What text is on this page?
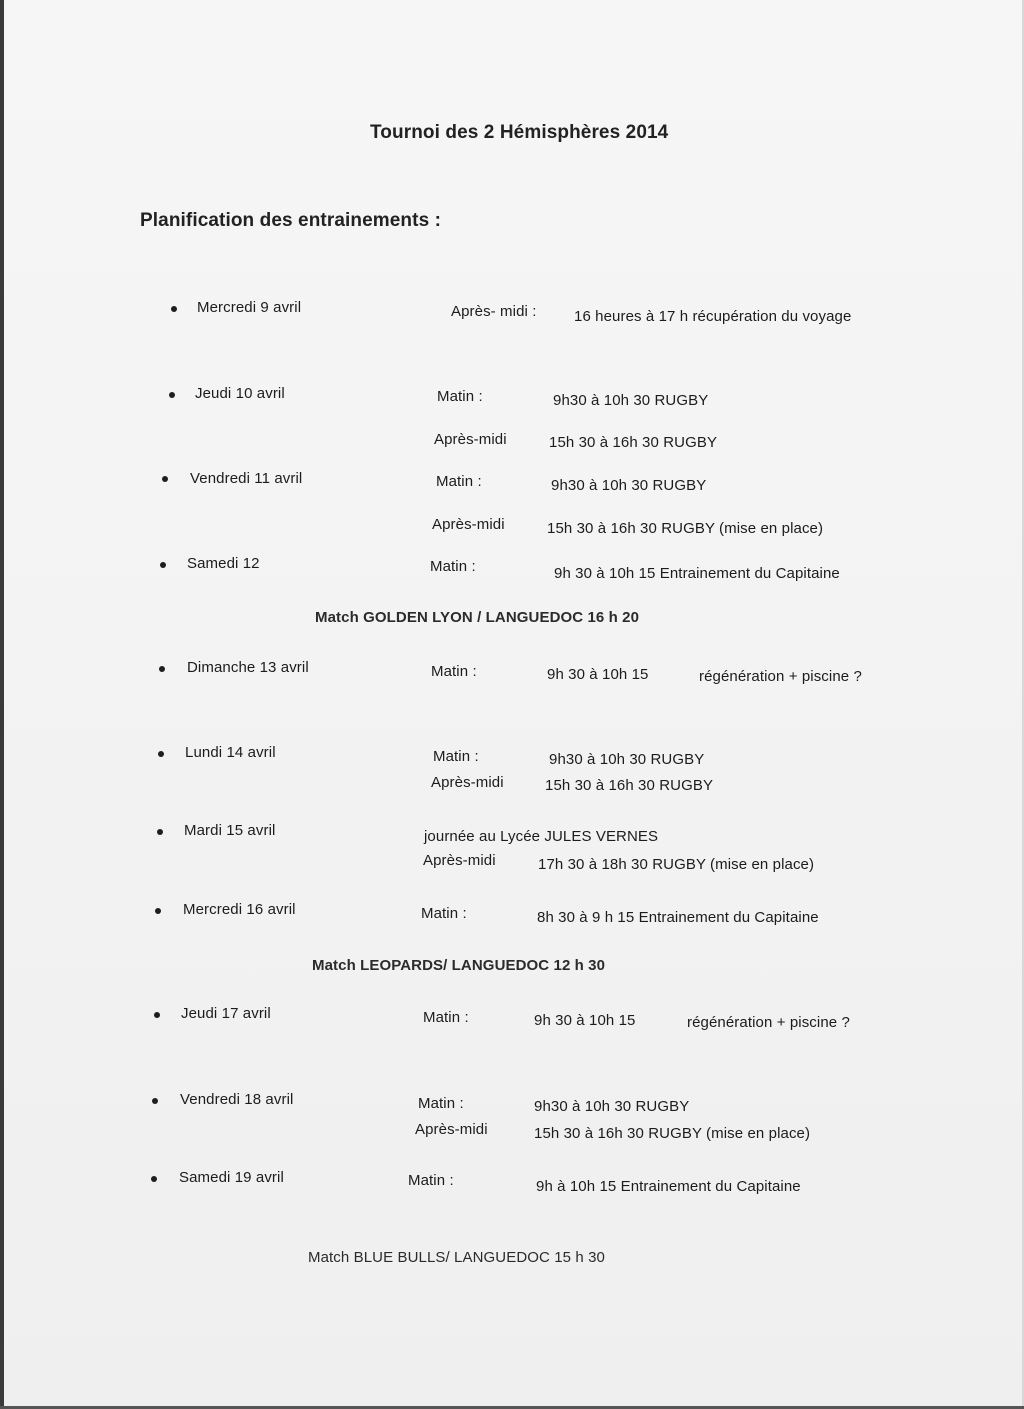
Tournoi des 2 Hémisphères 2014
Planification des entrainements :
Mercredi 9 avril	Après- midi :	16 heures à 17 h récupération du voyage
Jeudi 10 avril	Matin :	9h30 à 10h 30 RUGBY
Après-midi	15h 30 à 16h 30 RUGBY
Vendredi 11 avril	Matin :	9h30 à 10h 30 RUGBY
Après-midi	15h 30 à 16h 30 RUGBY (mise en place)
Samedi 12	Matin :	9h 30 à 10h 15 Entrainement du Capitaine
Match GOLDEN LYON / LANGUEDOC 16 h 20
Dimanche 13 avril	Matin :	9h 30 à 10h 15	régénération + piscine ?
Lundi 14 avril	Matin :	9h30 à 10h 30 RUGBY
Après-midi	15h 30 à 16h 30 RUGBY
Mardi 15 avril	journée au Lycée JULES VERNES
Après-midi	17h 30 à 18h 30 RUGBY (mise en place)
Mercredi 16 avril	Matin :	8h 30 à 9 h 15 Entrainement du Capitaine
Match LEOPARDS/ LANGUEDOC 12 h 30
Jeudi 17 avril	Matin :	9h 30 à 10h 15	régénération + piscine ?
Vendredi 18 avril	Matin :	9h30 à 10h 30 RUGBY
Après-midi	15h 30 à 16h 30 RUGBY (mise en place)
Samedi 19 avril	Matin :	9h à 10h 15 Entrainement du Capitaine
Match BLUE BULLS/ LANGUEDOC 15 h 30
